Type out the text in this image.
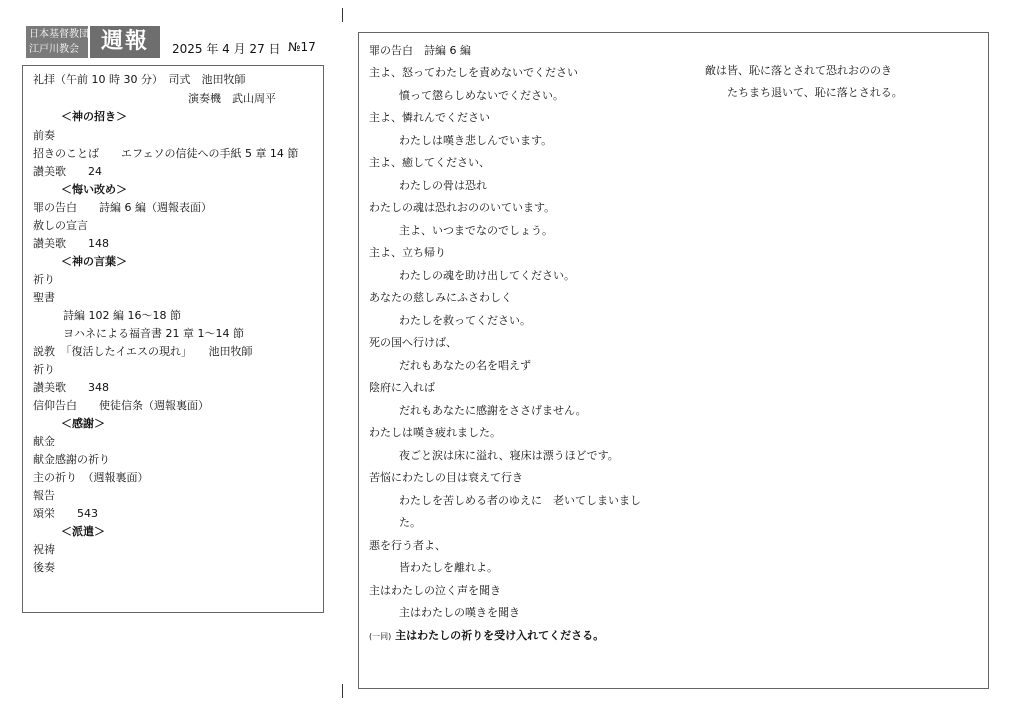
日本基督教団
江戸川教会 週報	2025 年 4 月 27 日 №17
礼拝（午前 10 時 30 分）　司式　池田牧師
演奏機　武山周平
＜神の招き＞
前奏
招きのことば　　エフェソの信徒への手紙 5 章 14 節
讃美歌　　24
＜悔い改め＞
罪の告白　　詩編 6 編（週報表面）
赦しの宣言
讃美歌　　148
＜神の言葉＞
祈り
聖書
詩編 102 編 16～18 節
ヨハネによる福音書 21 章 1～14 節
説教　「復活したイエスの現れ」　　池田牧師
祈り
讃美歌　　348
信仰告白　　使徒信条（週報裏面）
＜感謝＞
献金
献金感謝の祈り
主の祈り　（週報裏面）
報告
頌栄　　543
＜派遣＞
祝祷
後奏
罪の告白　詩編 6 編
主よ、怒ってわたしを責めないでください
憤って懲らしめないでください。
主よ、憐れんでください
わたしは嘆き悲しんでいます。
主よ、癒してください、
わたしの骨は恐れ
わたしの魂は恐れおののいています。
主よ、いつまでなのでしょう。
主よ、立ち帰り
わたしの魂を助け出してください。
あなたの慈しみにふさわしく
わたしを救ってください。
死の国へ行けば、
だれもあなたの名を唱えず
陰府に入れば
だれもあなたに感謝をささげません。
わたしは嘆き疲れました。
夜ごと涙は床に溢れ、寝床は漂うほどです。
苦悩にわたしの目は衰えて行き
わたしを苦しめる者のゆえに　老いてしまいまし
た。
悪を行う者よ、
皆わたしを離れよ。
主はわたしの泣く声を聞き
主はわたしの嘆きを聞き
(一同) 主はわたしの祈りを受け入れてくださる。
敵は皆、恥に落とされて恐れおののき
たちまち退いて、恥に落とされる。
